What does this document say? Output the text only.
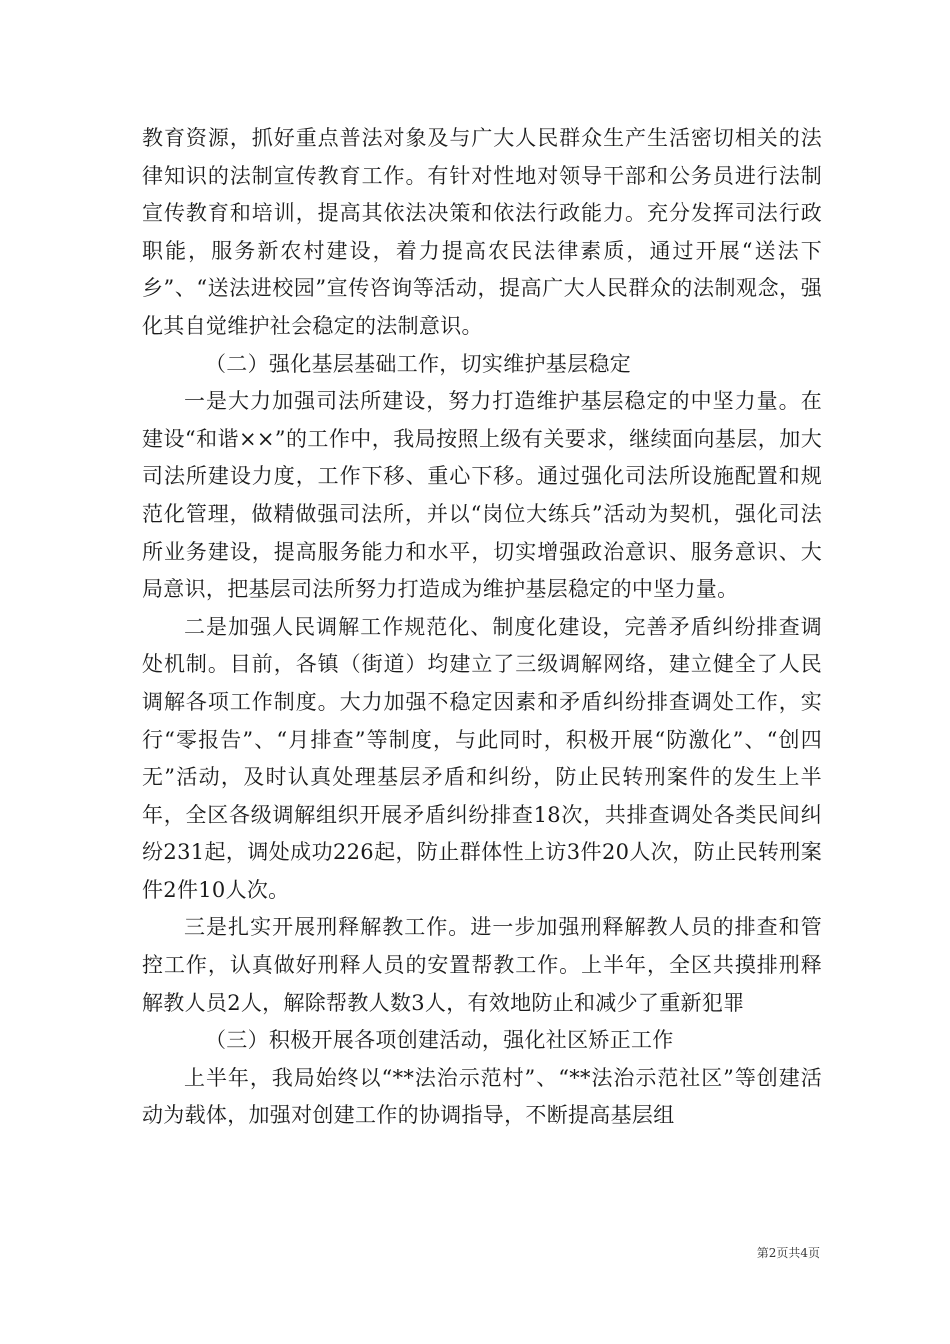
教育资源，抓好重点普法对象及与广大人民群众生产生活密切相关的法律知识的法制宣传教育工作。有针对性地对领导干部和公务员进行法制宣传教育和培训，提高其依法决策和依法行政能力。充分发挥司法行政职能，服务新农村建设，着力提高农民法律素质，通过开展“送法下乡”、“送法进校园”宣传咨询等活动，提高广大人民群众的法制观念，强化其自觉维护社会稳定的法制意识。

（二）强化基层基础工作，切实维护基层稳定

一是大力加强司法所建设，努力打造维护基层稳定的中坚力量。在建设“和谐××”的工作中，我局按照上级有关要求，继续面向基层，加大司法所建设力度，工作下移、重心下移。通过强化司法所设施配置和规范化管理，做精做强司法所，并以“岗位大练兵”活动为契机，强化司法所业务建设，提高服务能力和水平，切实增强政治意识、服务意识、大局意识，把基层司法所努力打造成为维护基层稳定的中坚力量。

二是加强人民调解工作规范化、制度化建设，完善矛盾纠纷排查调处机制。目前，各镇（街道）均建立了三级调解网络，建立健全了人民调解各项工作制度。大力加强不稳定因素和矛盾纠纷排查调处工作，实行“零报告”、“月排查”等制度，与此同时，积极开展“防激化”、“创四无”活动，及时认真处理基层矛盾和纠纷，防止民转刑案件的发生上半年，全区各级调解组织开展矛盾纠纷排查18次，共排查调处各类民间纠纷231起，调处成功226起，防止群体性上访3件20人次，防止民转刑案件2件10人次。

三是扎实开展刑释解教工作。进一步加强刑释解教人员的排查和管控工作，认真做好刑释人员的安置帮教工作。上半年，全区共摸排刑释解教人员2人，解除帮教人数3人，有效地防止和减少了重新犯罪

（三）积极开展各项创建活动，强化社区矫正工作

上半年，我局始终以“**法治示范村”、“**法治示范社区”等创建活动为载体，加强对创建工作的协调指导，不断提高基层组

第2页共4页
